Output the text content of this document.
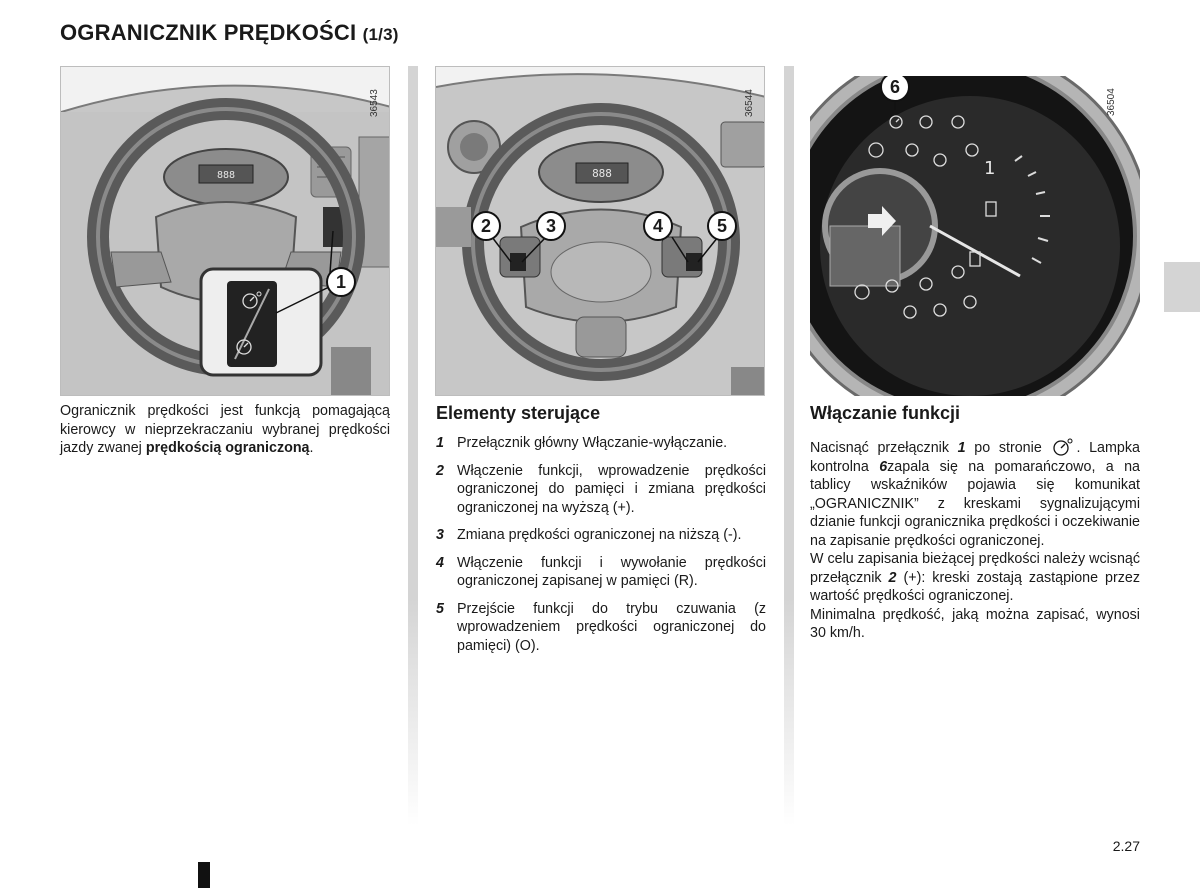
OGRANICZNIK PRĘDKOŚCI (1/3)
888
1
36543
888
2	3	4	5
36544
1
6
36504
Ogranicznik prędkości jest funkcją pomagającą kierowcy w nieprzekraczaniu wybranej prędkości jazdy zwanej prędkością ograniczoną.
Elementy sterujące
1 Przełącznik główny Włączanie-wyłączanie.
2 Włączenie funkcji, wprowadzenie prędkości ograniczonej do pamięci i zmiana prędkości ograniczonej na wyższą (+).
3 Zmiana prędkości ograniczonej na niższą (-).
4 Włączenie funkcji i wywołanie prędkości ograniczonej zapisanej w pamięci (R).
5 Przejście funkcji do trybu czuwania (z wprowadzeniem prędkości ograniczonej do pamięci) (O).
Włączanie funkcji
Nacisnąć przełącznik 1 po stronie . Lampka kontrolna 6zapala się na pomarańczowo, a na tablicy wskaźników pojawia się komunikat „OGRANICZNIK” z kreskami sygnalizującymi dzianie funkcji ogranicznika prędkości i oczekiwanie na zapisanie prędkości ograniczonej.
W celu zapisania bieżącej prędkości należy wcisnąć przełącznik 2 (+): kreski zostają zastąpione przez wartość prędkości ograniczonej.
Minimalna prędkość, jaką można zapisać, wynosi 30 km/h.
2.27
